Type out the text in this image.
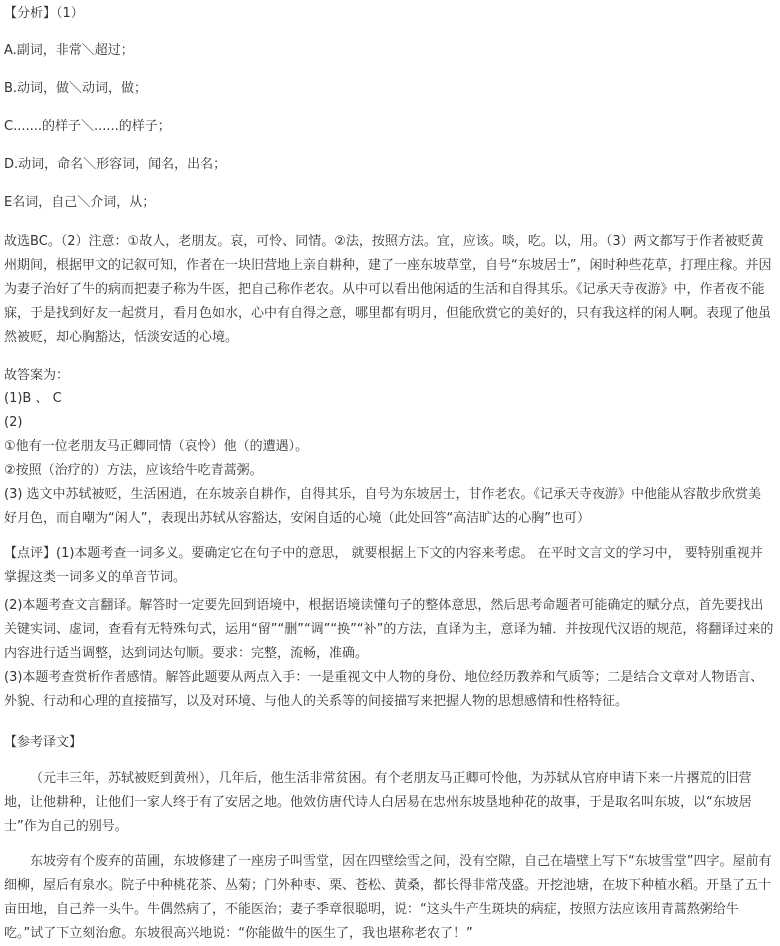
【分析】（1）
A.副词，非常＼超过；
B.动词，做＼动词，做；
C.......的样子＼......的样子；
D.动词，命名＼形容词，闻名，出名；
E名词，自己＼介词，从；
故选BC。（2）注意：①故人，老朋友。哀，可怜、同情。②法，按照方法。宜，应该。啖，吃。以，用。（3）两文都写于作者被贬黄州期间，根据甲文的记叙可知，作者在一块旧营地上亲自耕种，建了一座东坡草堂，自号“东坡居士”，闲时种些花草，打理庄稼。并因为妻子治好了牛的病而把妻子称为牛医，把自己称作老农。从中可以看出他闲适的生活和自得其乐。《记承天寺夜游》中，作者夜不能寐，于是找到好友一起赏月，看月色如水，心中有自得之意，哪里都有明月，但能欣赏它的美好的，只有我这样的闲人啊。表现了他虽然被贬，却心胸豁达，恬淡安适的心境。
故答案为：
(1)B 、 C
(2)
①他有一位老朋友马正卿同情（哀怜）他（的遭遇）。
②按照（治疗的）方法，应该给牛吃青蒿粥。
(3) 选文中苏轼被贬，生活困逍，在东坡亲自耕作，自得其乐，自号为东坡居士，甘作老农。《记承天寺夜游》中他能从容散步欣赏美好月色，而自嘲为“闲人”，表现出苏轼从容豁达，安闲自适的心境（此处回答“高洁旷达的心胸”也可）
【点评】(1)本题考查一词多义。要确定它在句子中的意思， 就要根据上下文的内容来考虑。 在平时文言文的学习中， 要特别重视并掌握这类一词多义的单音节词。
(2)本题考查文言翻译。解答时一定要先回到语境中，根据语境读懂句子的整体意思，然后思考命题者可能确定的赋分点，首先要找出关键实词、虚词，查看有无特殊句式，运用“留”“删”“调”“换”“补”的方法，直译为主，意译为辅．并按现代汉语的规范，将翻译过来的内容进行适当调整，达到词达句顺。要求：完整，流畅，准确。
(3)本题考查赏析作者感情。解答此题要从两点入手：一是重视文中人物的身份、地位经历教养和气质等；二是结合文章对人物语言、外貌、行动和心理的直接描写，以及对环境、与他人的关系等的间接描写来把握人物的思想感情和性格特征。
【参考译文】
（元丰三年，苏轼被贬到黄州），几年后，他生活非常贫困。有个老朋友马正卿可怜他，为苏轼从官府申请下来一片撂荒的旧营地，让他耕种，让他们一家人终于有了安居之地。他效仿唐代诗人白居易在忠州东坡垦地种花的故事，于是取名叫东坡，以“东坡居士”作为自己的别号。
东坡旁有个废弃的苗圃，东坡修建了一座房子叫雪堂，因在四壁绘雪之间，没有空隙，自己在墙壁上写下“东坡雪堂”四字。屋前有细柳，屋后有泉水。院子中种桃花茶、丛菊；门外种枣、栗、苍松、黄桑，都长得非常茂盛。开挖池塘，在坡下种植水稻。开垦了五十亩田地，自己养一头牛。牛偶然病了，不能医治；妻子季章很聪明，说：“这头牛产生斑块的病症，按照方法应该用青蒿熬粥给牛吃。”试了下立刻治愈。东坡很高兴地说：“你能做牛的医生了，我也堪称老农了！”
